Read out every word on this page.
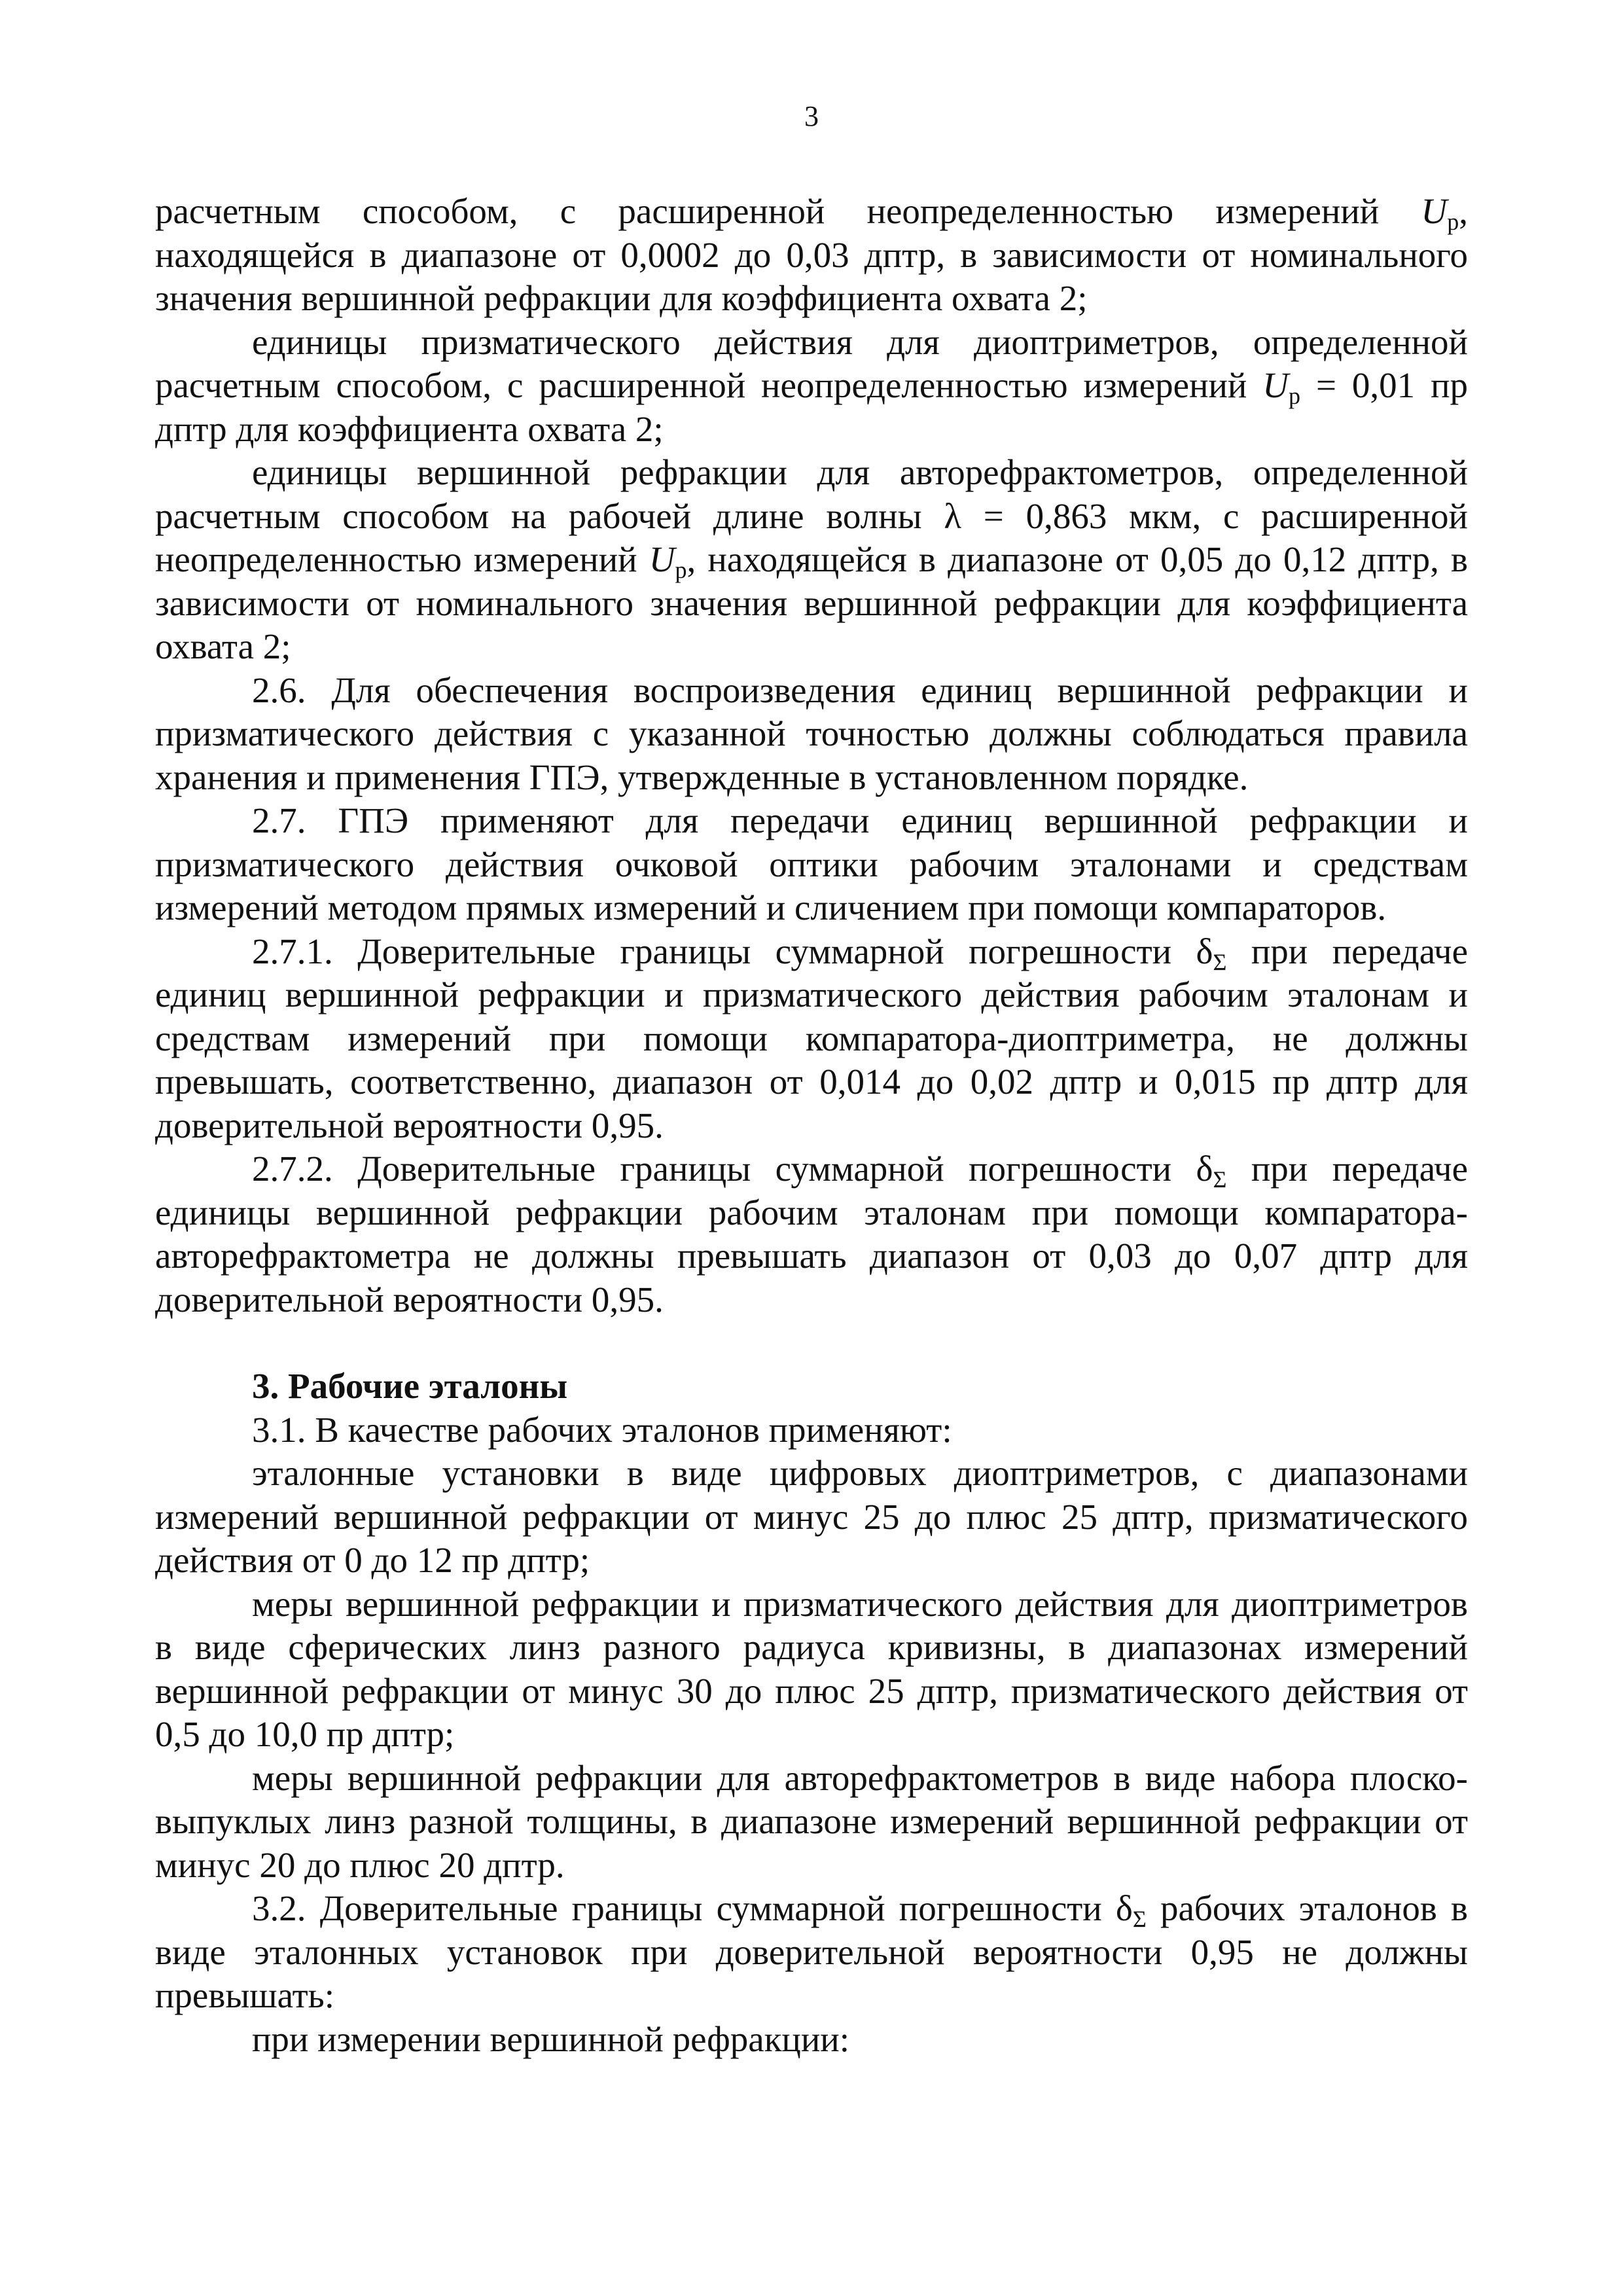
3

расчетным способом, с расширенной неопределенностью измерений $U_p$, находящейся в диапазоне от 0,0002 до 0,03 дптр, в зависимости от номинального значения вершинной рефракции для коэффициента охвата 2;

единицы призматического действия для диоптриметров, определенной расчетным способом, с расширенной неопределенностью измерений $U_p = 0,01$ пр дптр для коэффициента охвата 2;

единицы вершинной рефракции для авторефрактометров, определенной расчетным способом на рабочей длине волны λ = 0,863 мкм, с расширенной неопределенностью измерений $U_p$, находящейся в диапазоне от 0,05 до 0,12 дптр, в зависимости от номинального значения вершинной рефракции для коэффициента охвата 2;

2.6. Для обеспечения воспроизведения единиц вершинной рефракции и призматического действия с указанной точностью должны соблюдаться правила хранения и применения ГПЭ, утвержденные в установленном порядке.

2.7. ГПЭ применяют для передачи единиц вершинной рефракции и призматического действия очковой оптики рабочим эталонами и средствам измерений методом прямых измерений и сличением при помощи компараторов.

2.7.1. Доверительные границы суммарной погрешности $\delta_\Sigma$ при передаче единиц вершинной рефракции и призматического действия рабочим эталонам и средствам измерений при помощи компаратора-диоптриметра, не должны превышать, соответственно, диапазон от 0,014 до 0,02 дптр и 0,015 пр дптр для доверительной вероятности 0,95.

2.7.2. Доверительные границы суммарной погрешности $\delta_\Sigma$ при передаче единицы вершинной рефракции рабочим эталонам при помощи компаратора-авторефрактометра не должны превышать диапазон от 0,03 до 0,07 дптр для доверительной вероятности 0,95.

3. Рабочие эталоны

3.1. В качестве рабочих эталонов применяют:

эталонные установки в виде цифровых диоптриметров, с диапазонами измерений вершинной рефракции от минус 25 до плюс 25 дптр, призматического действия от 0 до 12 пр дптр;

меры вершинной рефракции и призматического действия для диоптриметров в виде сферических линз разного радиуса кривизны, в диапазонах измерений вершинной рефракции от минус 30 до плюс 25 дптр, призматического действия от 0,5 до 10,0 пр дптр;

меры вершинной рефракции для авторефрактометров в виде набора плоско-выпуклых линз разной толщины, в диапазоне измерений вершинной рефракции от минус 20 до плюс 20 дптр.

3.2. Доверительные границы суммарной погрешности $\delta_\Sigma$ рабочих эталонов в виде эталонных установок при доверительной вероятности 0,95 не должны превышать:

при измерении вершинной рефракции:
